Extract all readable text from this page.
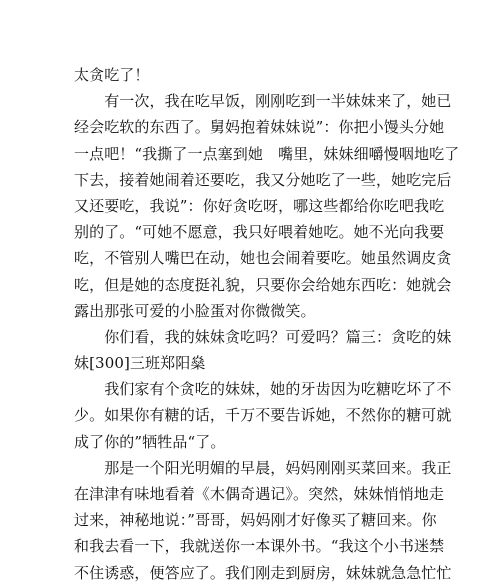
太贪吃了！
　　有一次，我在吃早饭，刚刚吃到一半妹妹来了，她已
经会吃软的东西了。舅妈抱着妹妹说”：你把小馒头分她
一点吧！“我撕了一点塞到她　嘴里，妹妹细嚼慢咽地吃了
下去，接着她闹着还要吃，我又分她吃了一些，她吃完后
又还要吃，我说”：你好贪吃呀，哪这些都给你吃吧我吃
别的了。“可她不愿意，我只好喂着她吃。她不光向我要
吃，不管别人嘴巴在动，她也会闹着要吃。她虽然调皮贪
吃，但是她的态度挺礼貌，只要你会给她东西吃：她就会
露出那张可爱的小脸蛋对你微微笑。
　　你们看，我的妹妹贪吃吗？可爱吗？篇三：贪吃的妹
妹[300]三班郑阳燊
　　我们家有个贪吃的妹妹，她的牙齿因为吃糖吃坏了不
少。如果你有糖的话，千万不要告诉她，不然你的糖可就
成了你的”牺牲品“了。
　　那是一个阳光明媚的早晨，妈妈刚刚买菜回来。我正
在津津有味地看着《木偶奇遇记》。突然，妹妹悄悄地走
过来，神秘地说：”哥哥，妈妈刚才好像买了糖回来。你
和我去看一下，我就送你一本课外书。“我这个小书迷禁
不住诱惑，便答应了。我们刚走到厨房，妹妹就急急忙忙
